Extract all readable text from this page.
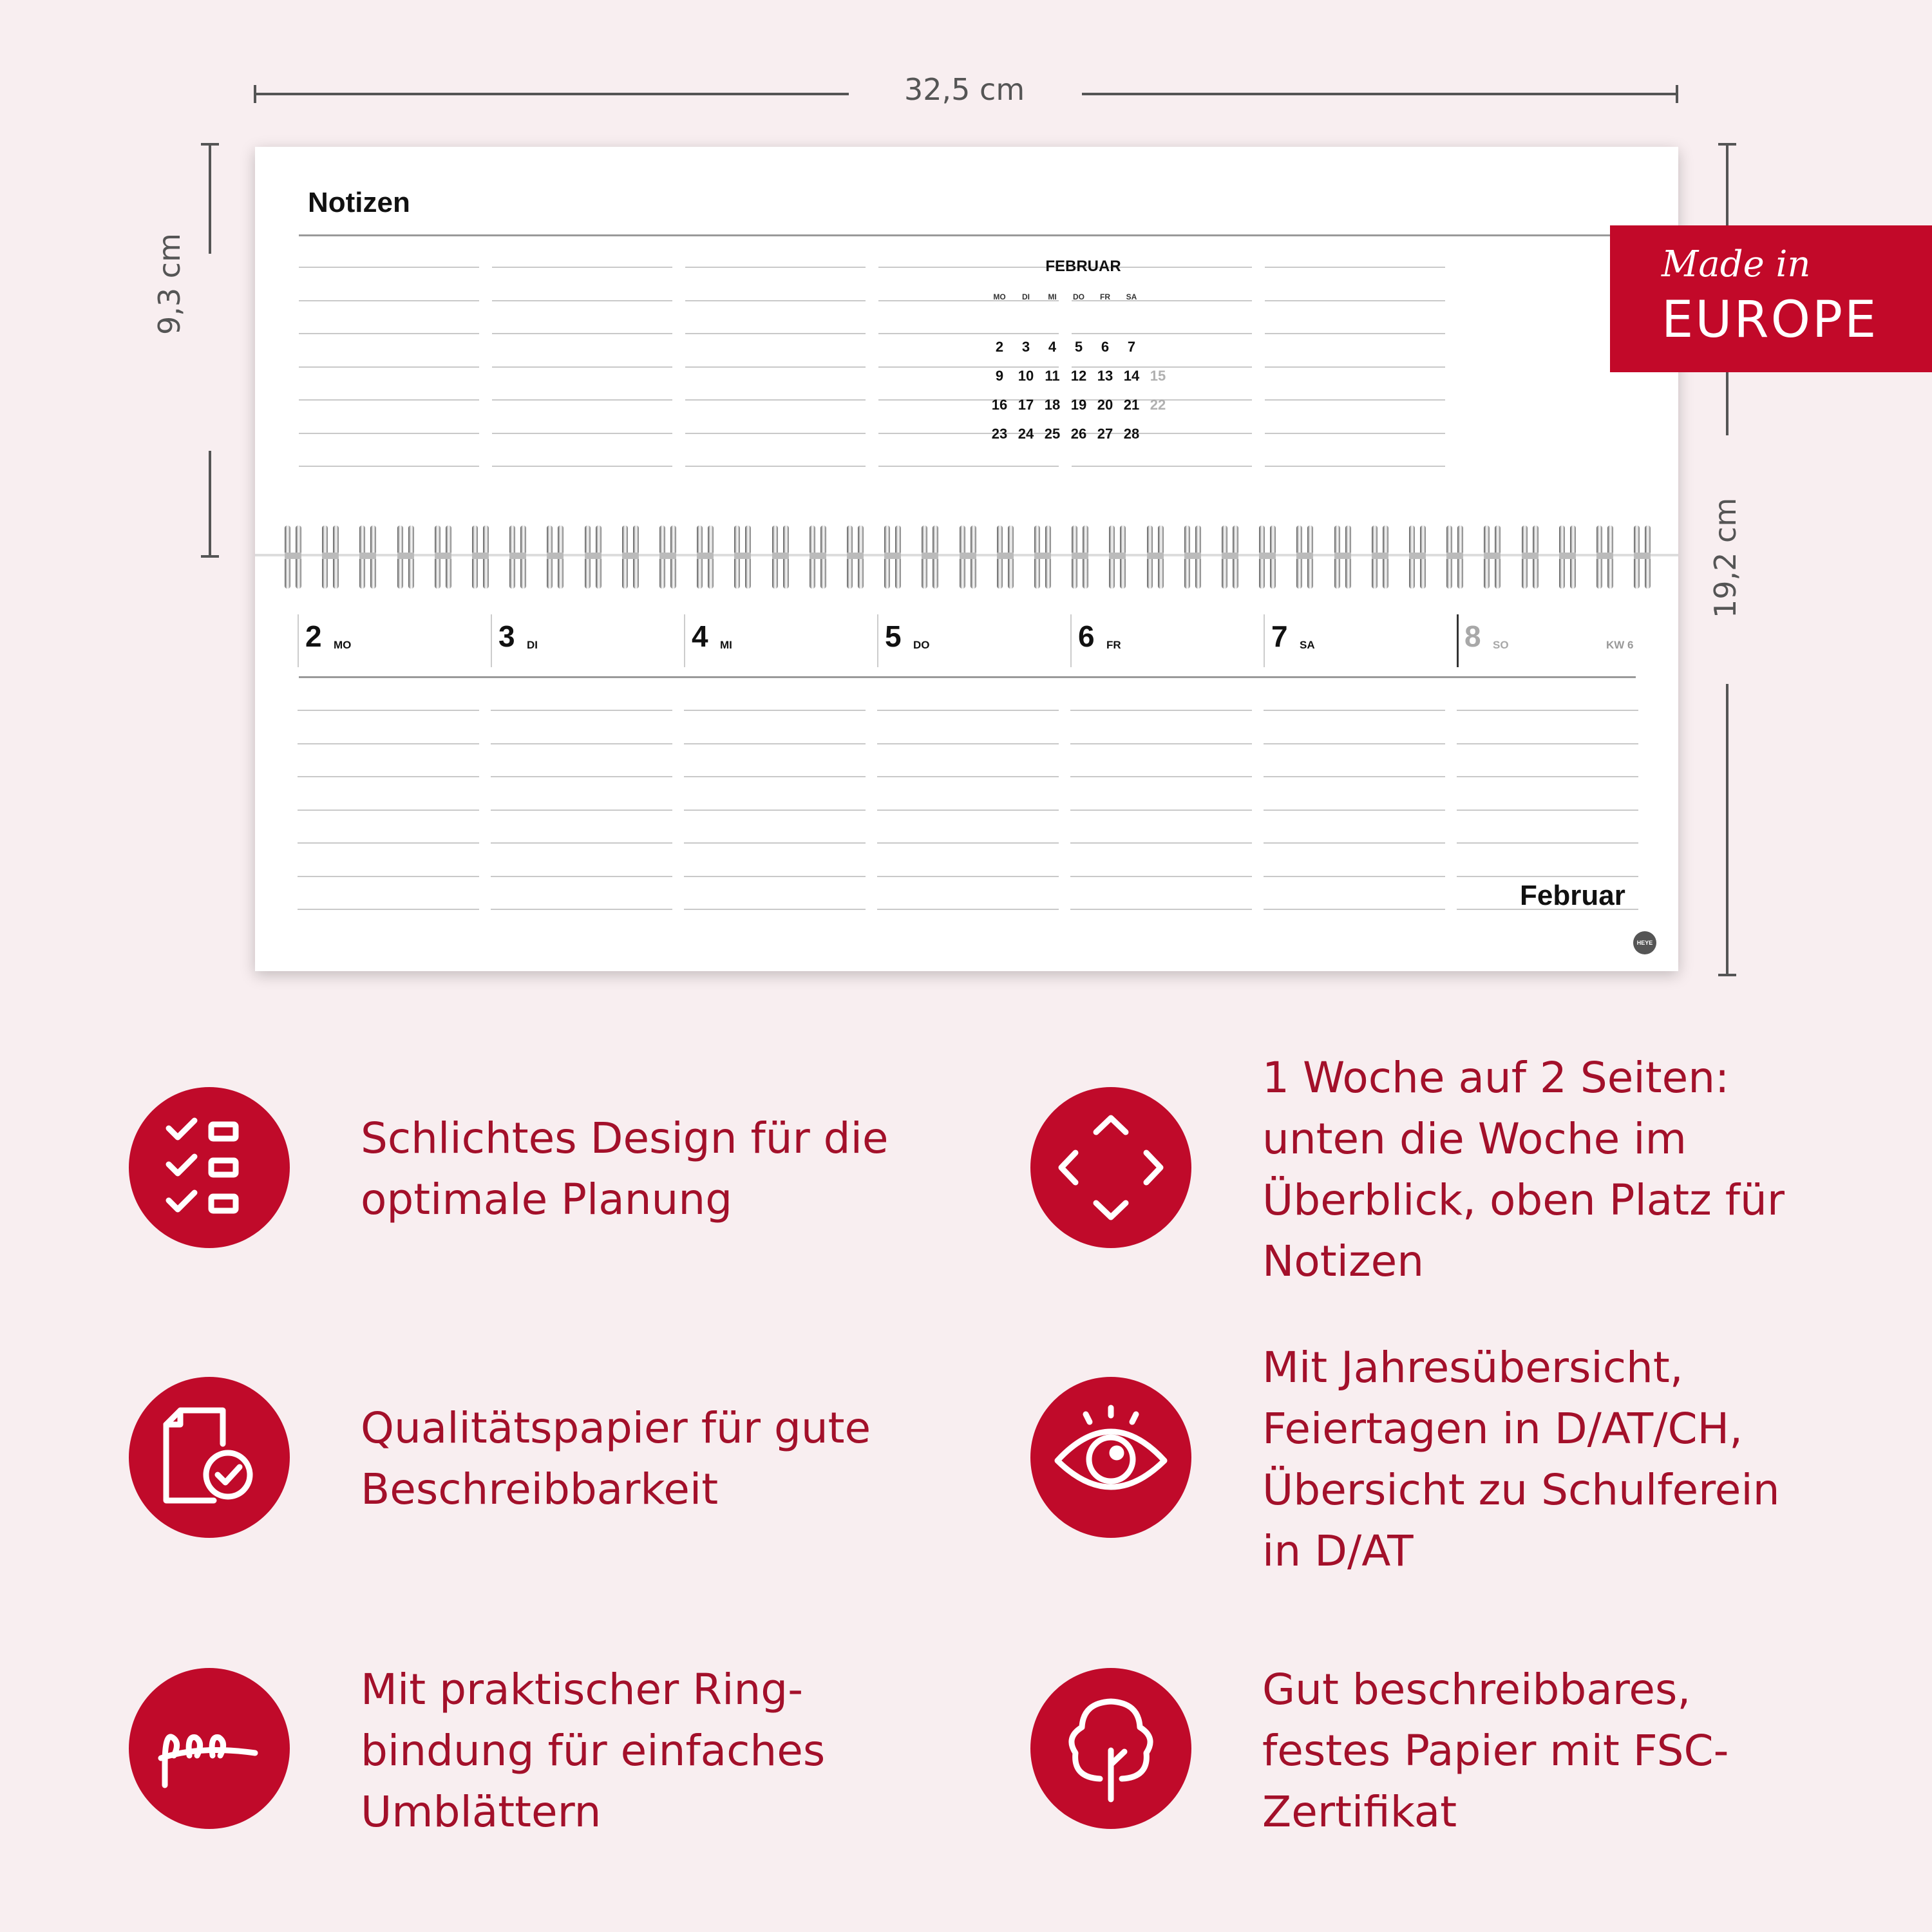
32,5 cm
9,3 cm
19,2 cm
Notizen
FEBRUAR
MO	DI	MI	DO	FR	SA
2	3	4	5	6	7
9	10 11 12 13 14 15
16 17 18 19 20 21 22
23 24 25 26 27 28
2 MO	3 DI	4 MI	5 DO	6 FR	7 SA	8 SO	KW 6
Februar
HEYE
Made in
EUROPE
Schlichtes Design für die
optimale Planung
1 Woche auf 2 Seiten:
unten die Woche im
Überblick, oben Platz für
Notizen
Qualitätspapier für gute
Beschreibbarkeit
Mit Jahresübersicht,
Feiertagen in D/AT/CH,
Übersicht zu Schulferein
in D/AT
Mit praktischer Ring-
bindung für einfaches
Umblättern
Gut beschreibbares,
festes Papier mit FSC-
Zertifikat
